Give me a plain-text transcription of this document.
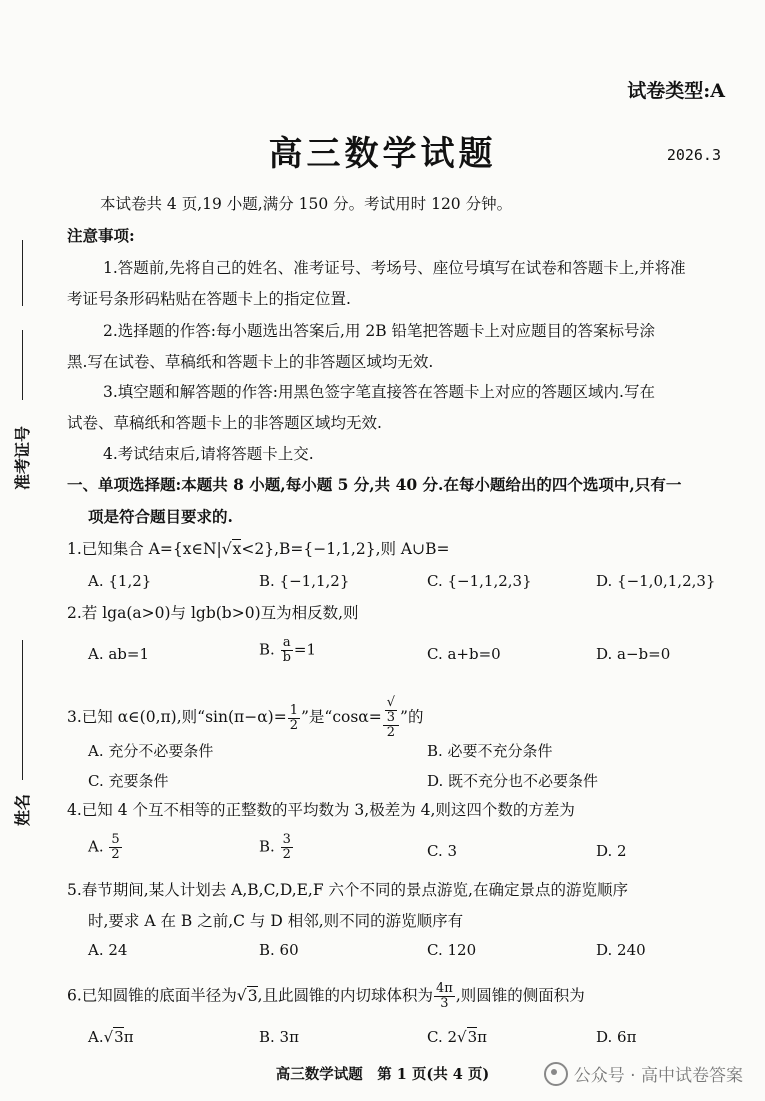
试卷类型:A
高三数学试题	2026.3
准考证号
姓名
本试卷共 4 页,19 小题,满分 150 分。考试用时 120 分钟。
注意事项:
1.答题前,先将自己的姓名、准考证号、考场号、座位号填写在试卷和答题卡上,并将准
考证号条形码粘贴在答题卡上的指定位置.
2.选择题的作答:每小题选出答案后,用 2B 铅笔把答题卡上对应题目的答案标号涂
黑.写在试卷、草稿纸和答题卡上的非答题区域均无效.
3.填空题和解答题的作答:用黑色签字笔直接答在答题卡上对应的答题区域内.写在
试卷、草稿纸和答题卡上的非答题区域均无效.
4.考试结束后,请将答题卡上交.
一、单项选择题:本题共 8 小题,每小题 5 分,共 40 分.在每小题给出的四个选项中,只有一
项是符合题目要求的.
1.已知集合 A={x∈N|√x<2},B={−1,1,2},则 A∪B=
A. {1,2}	B. {−1,1,2}	C. {−1,1,2,3}	D. {−1,0,1,2,3}
2.若 lga(a>0)与 lgb(b>0)互为相反数,则
A. ab=1	B. $\frac{a}{b} =1$	C. a+b=0	D. a−b=0
3.已知 α∈(0,π),则“$\sin(\pi-\alpha)= \frac{1}{2}$ ”是“cosα= √
3
2 ”的
A. 充分不必要条件	B. 必要不充分条件
C. 充要条件	D. 既不充分也不必要条件
4.已知 4 个互不相等的正整数的平均数为 3,极差为 4,则这四个数的方差为
A. $\frac{5}{2}$	B. $\frac{3}{2}$	C. 3	D. 2
5.春节期间,某人计划去 A,B,C,D,E,F 六个不同的景点游览,在确定景点的游览顺序
时,要求 A 在 B 之前,C 与 D 相邻,则不同的游览顺序有
A. 24	B. 60	C. 120	D. 240
6.已知圆锥的底面半径为√3,且此圆锥的内切球体积为 $\frac{4\pi}{3}$ ,则圆锥的侧面积为
A.√3π	B. 3π	C. 2√3π	D. 6π
高三数学试题　第 1 页(共 4 页)	公众号 · 高中试卷答案
